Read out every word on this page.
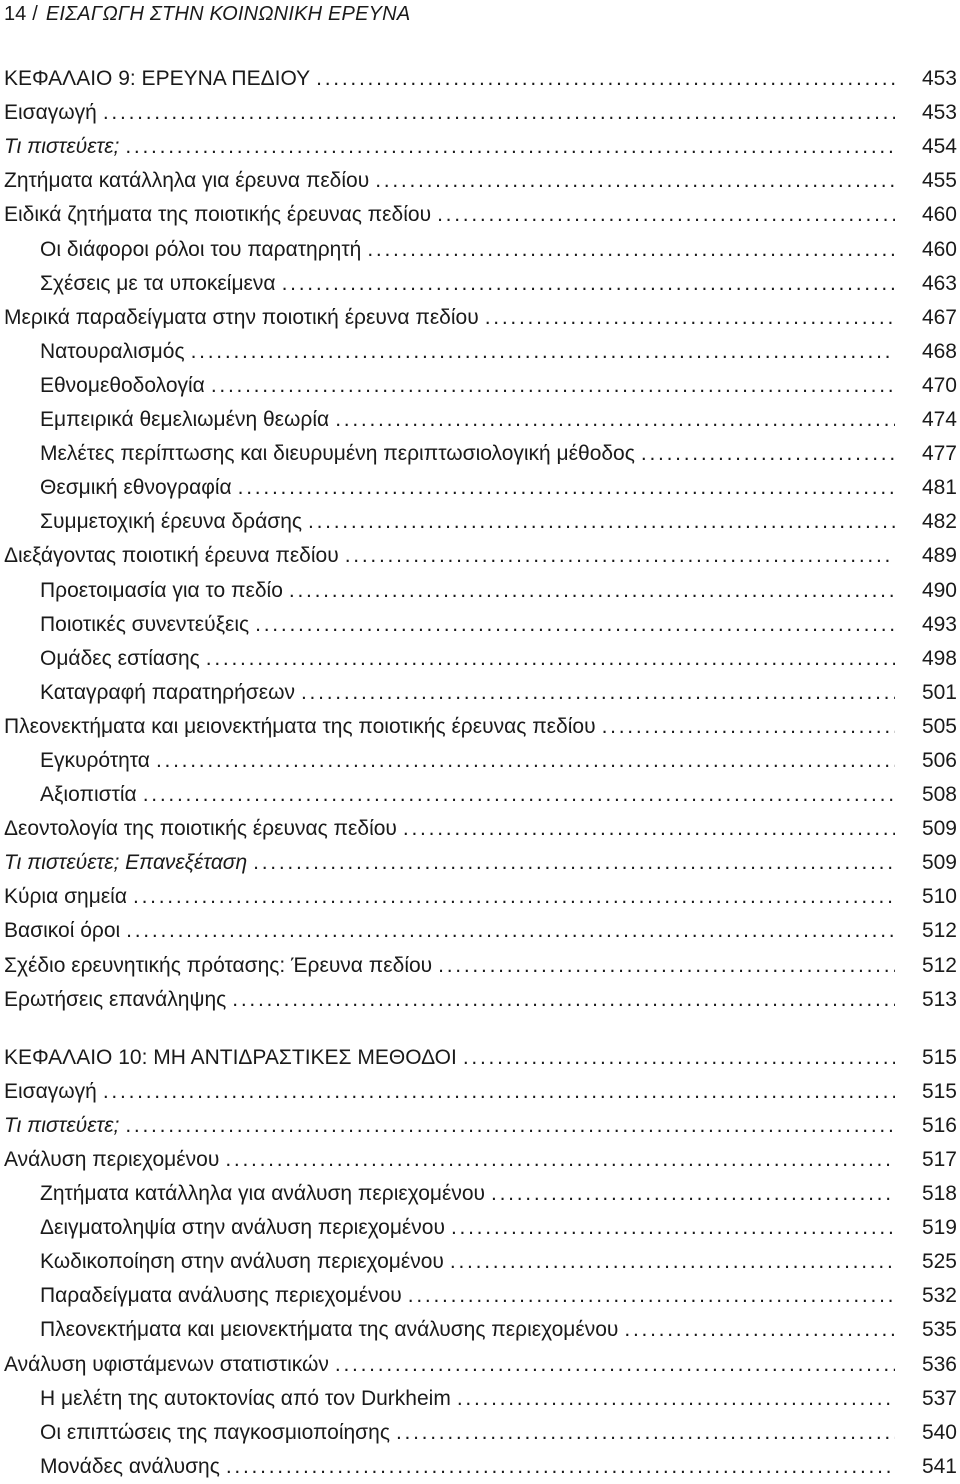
14 / ΕΙΣΑΓΩΓΗ ΣΤΗΝ ΚΟΙΝΩΝΙΚΗ ΕΡΕΥΝΑ
ΚΕΦΑΛΑΙΟ 9: ΕΡΕΥΝΑ ΠΕΔΙΟΥ . . .	453
Εισαγωγή . . .	453
Τι πιστεύετε; . . .	454
Ζητήματα κατάλληλα για έρευνα πεδίου . . .	455
Ειδικά ζητήματα της ποιοτικής έρευνας πεδίου . . .	460
Οι διάφοροι ρόλοι του παρατηρητή . . .	460
Σχέσεις με τα υποκείμενα . . .	463
Μερικά παραδείγματα στην ποιοτική έρευνα πεδίου . . .	467
Νατουραλισμός . . .	468
Εθνομεθοδολογία . . .	470
Εμπειρικά θεμελιωμένη θεωρία . . .	474
Μελέτες περίπτωσης και διευρυμένη περιπτωσιολογική μέθοδος . . .	477
Θεσμική εθνογραφία . . .	481
Συμμετοχική έρευνα δράσης . . .	482
Διεξάγοντας ποιοτική έρευνα πεδίου . . .	489
Προετοιμασία για το πεδίο . . .	490
Ποιοτικές συνεντεύξεις . . .	493
Ομάδες εστίασης . . .	498
Καταγραφή παρατηρήσεων . . .	501
Πλεονεκτήματα και μειονεκτήματα της ποιοτικής έρευνας πεδίου . . .	505
Εγκυρότητα . . .	506
Αξιοπιστία . . .	508
Δεοντολογία της ποιοτικής έρευνας πεδίου . . .	509
Τι πιστεύετε; Επανεξέταση . . .	509
Κύρια σημεία . . .	510
Βασικοί όροι . . .	512
Σχέδιο ερευνητικής πρότασης: Έρευνα πεδίου . . .	512
Ερωτήσεις επανάληψης . . .	513
ΚΕΦΑΛΑΙΟ 10: ΜΗ ΑΝΤΙΔΡΑΣΤΙΚΕΣ ΜΕΘΟΔΟΙ . . .	515
Εισαγωγή . . .	515
Τι πιστεύετε; . . .	516
Ανάλυση περιεχομένου . . .	517
Ζητήματα κατάλληλα για ανάλυση περιεχομένου . . .	518
Δειγματοληψία στην ανάλυση περιεχομένου . . .	519
Κωδικοποίηση στην ανάλυση περιεχομένου . . .	525
Παραδείγματα ανάλυσης περιεχομένου . . .	532
Πλεονεκτήματα και μειονεκτήματα της ανάλυσης περιεχομένου . . .	535
Ανάλυση υφιστάμενων στατιστικών . . .	536
Η μελέτη της αυτοκτονίας από τον Durkheim . . .	537
Οι επιπτώσεις της παγκοσμιοποίησης . . .	540
Μονάδες ανάλυσης . . .	541
